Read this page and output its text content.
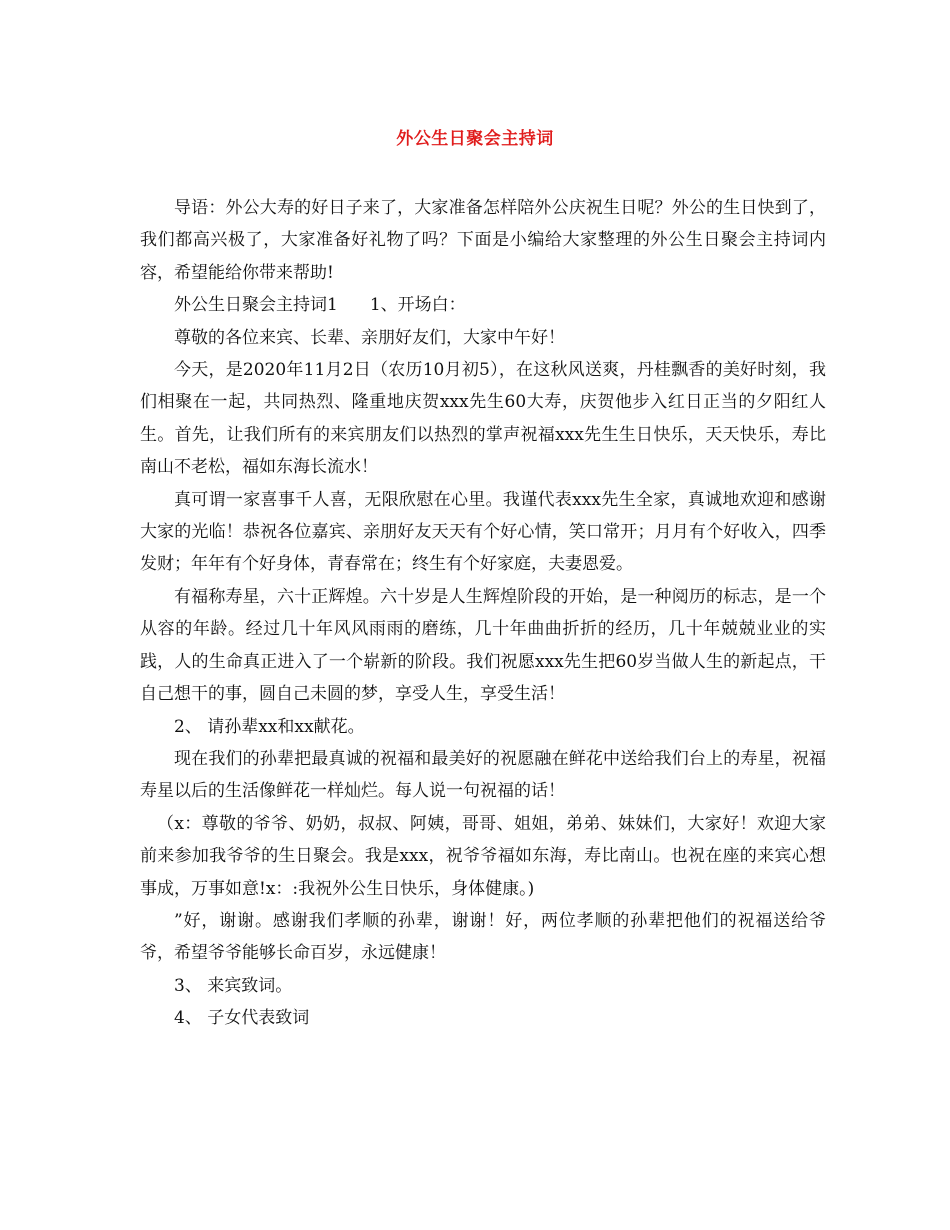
外公生日聚会主持词

导语：外公大寿的好日子来了，大家准备怎样陪外公庆祝生日呢？外公的生日快到了，我们都高兴极了，大家准备好礼物了吗？下面是小编给大家整理的外公生日聚会主持词内容，希望能给你带来帮助!

外公生日聚会主持词1 1、开场白：

尊敬的各位来宾、长辈、亲朋好友们，大家中午好！

今天，是2020年11月2日（农历10月初5），在这秋风送爽，丹桂飘香的美好时刻，我们相聚在一起，共同热烈、隆重地庆贺xxx先生60大寿，庆贺他步入红日正当的夕阳红人生。首先，让我们所有的来宾朋友们以热烈的掌声祝福xxx先生生日快乐，天天快乐，寿比南山不老松，福如东海长流水！

真可谓一家喜事千人喜，无限欣慰在心里。我谨代表xxx先生全家，真诚地欢迎和感谢大家的光临！恭祝各位嘉宾、亲朋好友天天有个好心情，笑口常开；月月有个好收入，四季发财；年年有个好身体，青春常在；终生有个好家庭，夫妻恩爱。

有福称寿星，六十正辉煌。六十岁是人生辉煌阶段的开始，是一种阅历的标志，是一个从容的年龄。经过几十年风风雨雨的磨练，几十年曲曲折折的经历，几十年兢兢业业的实践，人的生命真正进入了一个崭新的阶段。我们祝愿xxx先生把60岁当做人生的新起点，干自己想干的事，圆自己未圆的梦，享受人生，享受生活！

2、 请孙辈xx和xx献花。

现在我们的孙辈把最真诚的祝福和最美好的祝愿融在鲜花中送给我们台上的寿星，祝福寿星以后的生活像鲜花一样灿烂。每人说一句祝福的话！

（x：尊敬的爷爷、奶奶，叔叔、阿姨，哥哥、姐姐，弟弟、妹妹们，大家好！欢迎大家前来参加我爷爷的生日聚会。我是xxx，祝爷爷福如东海，寿比南山。也祝在座的来宾心想事成，万事如意!x：:我祝外公生日快乐，身体健康。)

”好，谢谢。感谢我们孝顺的孙辈，谢谢！好，两位孝顺的孙辈把他们的祝福送给爷爷，希望爷爷能够长命百岁，永远健康！

3、 来宾致词。

4、 子女代表致词
